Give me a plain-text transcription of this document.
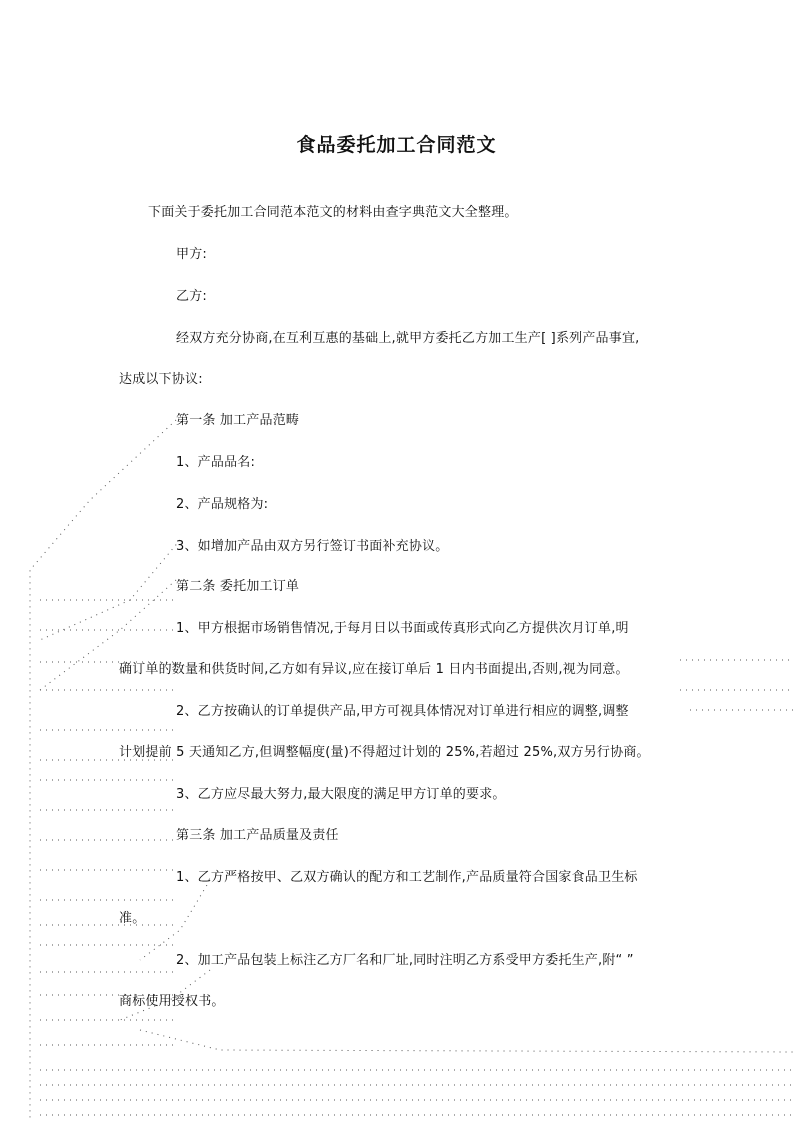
食品委托加工合同范文
下面关于委托加工合同范本范文的材料由查字典范文大全整理。
甲方:
乙方:
经双方充分协商,在互利互惠的基础上,就甲方委托乙方加工生产[ ]系列产品事宜,
达成以下协议:
第一条 加工产品范畴
1、产品品名:
2、产品规格为:
3、如增加产品由双方另行签订书面补充协议。
第二条 委托加工订单
1、甲方根据市场销售情况,于每月日以书面或传真形式向乙方提供次月订单,明
确订单的数量和供货时间,乙方如有异议,应在接订单后 1 日内书面提出,否则,视为同意。
2、乙方按确认的订单提供产品,甲方可视具体情况对订单进行相应的调整,调整
计划提前 5 天通知乙方,但调整幅度(量)不得超过计划的 25%,若超过 25%,双方另行协商。
3、乙方应尽最大努力,最大限度的满足甲方订单的要求。
第三条 加工产品质量及责任
1、乙方严格按甲、乙双方确认的配方和工艺制作,产品质量符合国家食品卫生标
准。
2、加工产品包装上标注乙方厂名和厂址,同时注明乙方系受甲方委托生产,附“ ”
商标使用授权书。
